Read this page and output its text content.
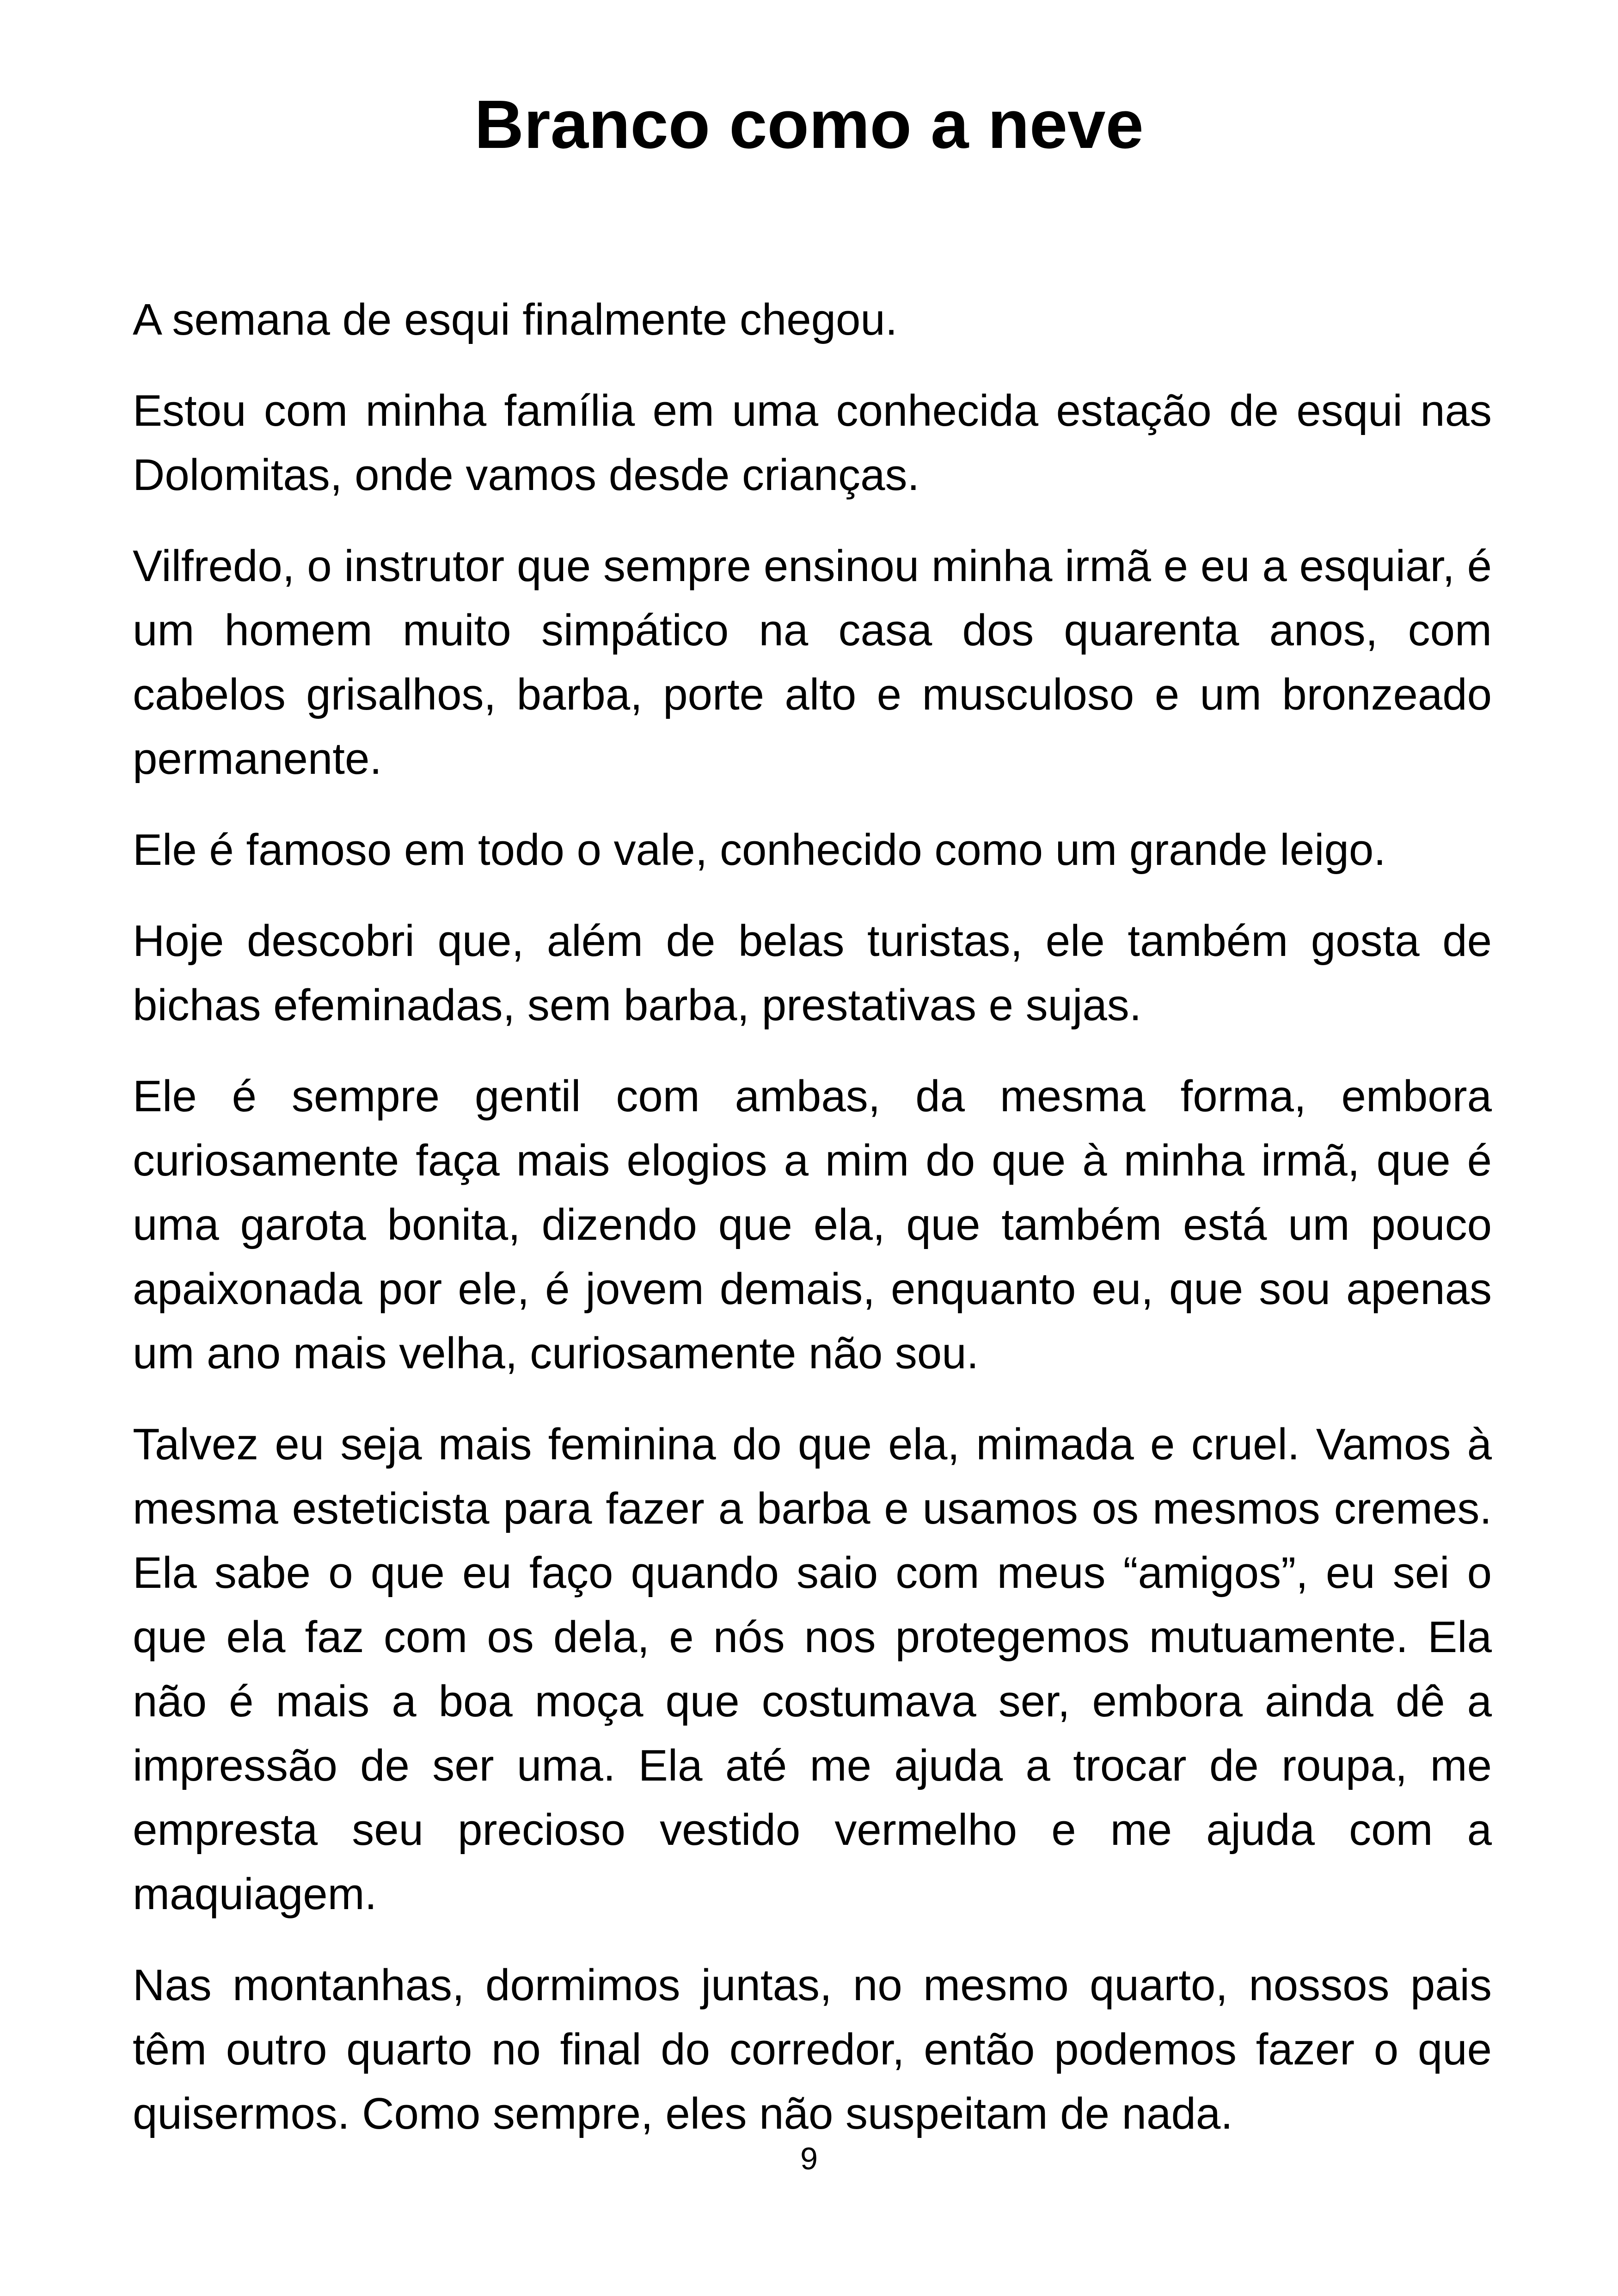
Branco como a neve

A semana de esqui finalmente chegou.

Estou com minha família em uma conhecida estação de esqui nas Dolomitas, onde vamos desde crianças.

Vilfredo, o instrutor que sempre ensinou minha irmã e eu a esquiar, é um homem muito simpático na casa dos quarenta anos, com cabelos grisalhos, barba, porte alto e musculoso e um bronzeado permanente.

Ele é famoso em todo o vale, conhecido como um grande leigo.

Hoje descobri que, além de belas turistas, ele também gosta de bichas efeminadas, sem barba, prestativas e sujas.

Ele é sempre gentil com ambas, da mesma forma, embora curiosamente faça mais elogios a mim do que à minha irmã, que é uma garota bonita, dizendo que ela, que também está um pouco apaixonada por ele, é jovem demais, enquanto eu, que sou apenas um ano mais velha, curiosamente não sou.

Talvez eu seja mais feminina do que ela, mimada e cruel. Vamos à mesma esteticista para fazer a barba e usamos os mesmos cremes. Ela sabe o que eu faço quando saio com meus “amigos”, eu sei o que ela faz com os dela, e nós nos protegemos mutuamente. Ela não é mais a boa moça que costumava ser, embora ainda dê a impressão de ser uma. Ela até me ajuda a trocar de roupa, me empresta seu precioso vestido vermelho e me ajuda com a maquiagem.

Nas montanhas, dormimos juntas, no mesmo quarto, nossos pais têm outro quarto no final do corredor, então podemos fazer o que quisermos. Como sempre, eles não suspeitam de nada.

9
